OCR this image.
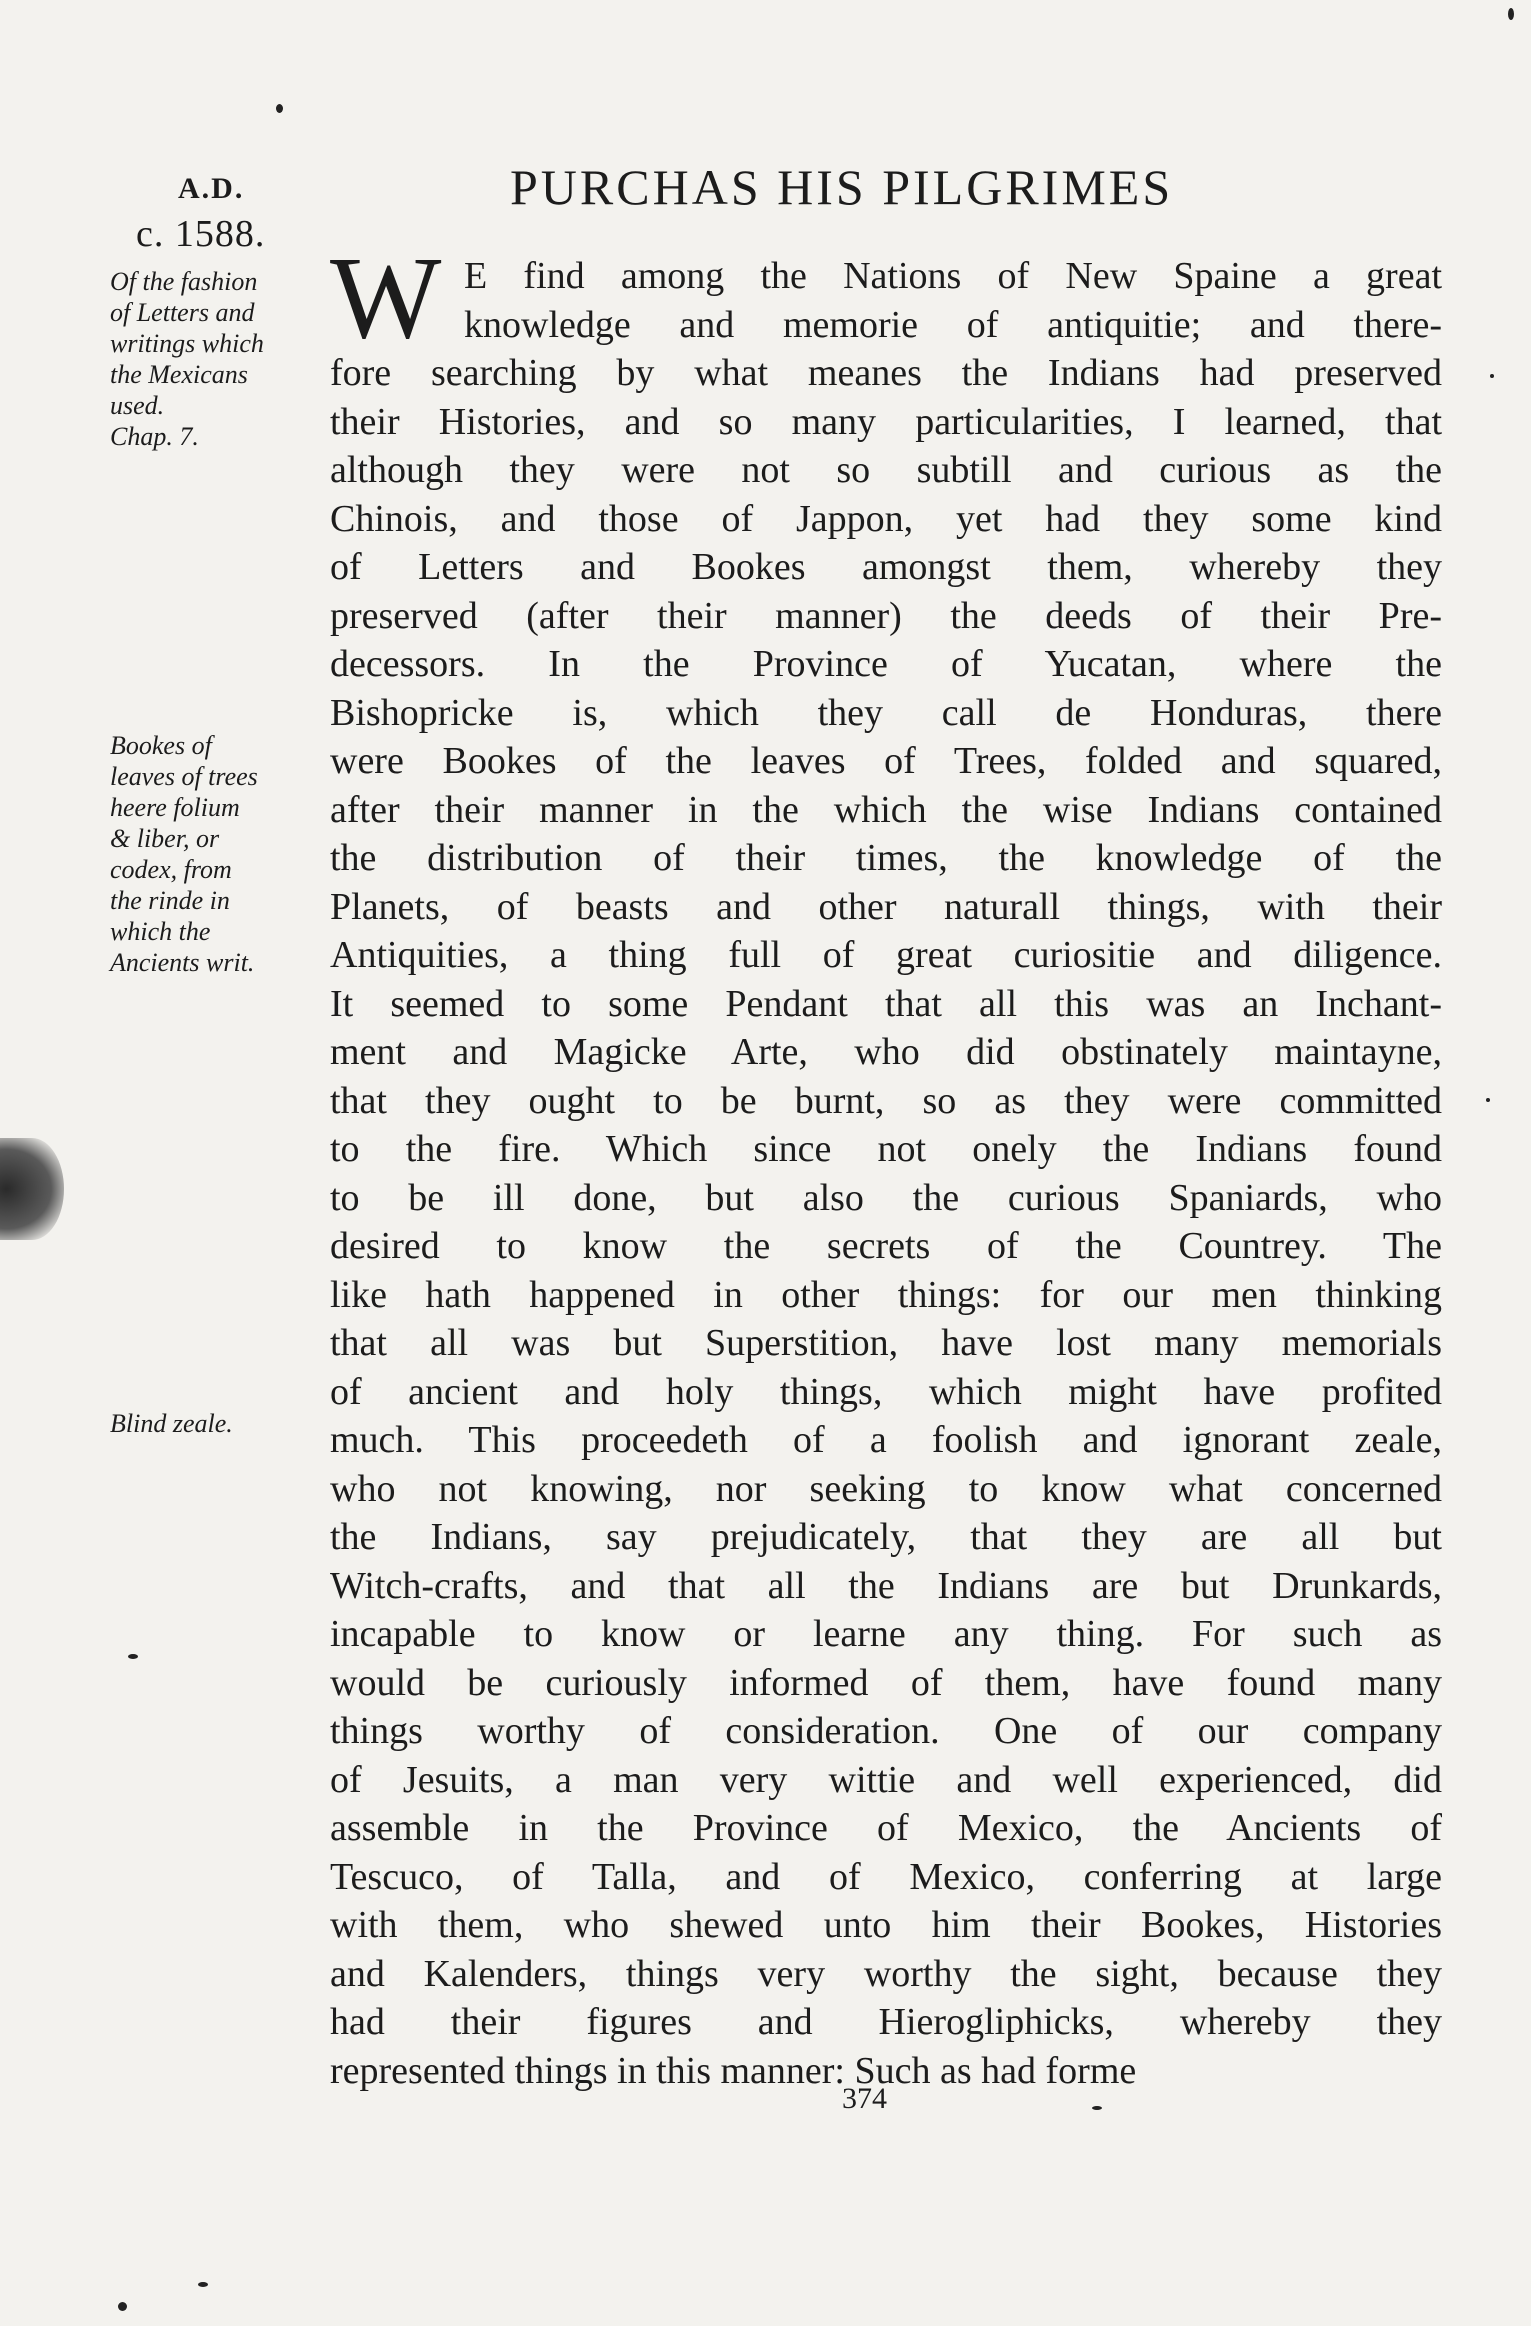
A.D.
c. 1588.
PURCHAS HIS PILGRIMES
Of the fashion
of Letters and
writings which
the Mexicans
used.
Chap. 7.
Bookes of
leaves of trees
heere folium
& liber, or
codex, from
the rinde in
which the
Ancients writ.
Blind zeale.
W E find among the Nations of New Spaine a great
knowledge and memorie of antiquitie; and there-
fore searching by what meanes the Indians had preserved
their Histories, and so many particularities, I learned, that
although they were not so subtill and curious as the
Chinois, and those of Jappon, yet had they some kind
of Letters and Bookes amongst them, whereby they
preserved (after their manner) the deeds of their Pre-
decessors. In the Province of Yucatan, where the
Bishopricke is, which they call de Honduras, there
were Bookes of the leaves of Trees, folded and squared,
after their manner in the which the wise Indians contained
the distribution of their times, the knowledge of the
Planets, of beasts and other naturall things, with their
Antiquities, a thing full of great curiositie and diligence.
It seemed to some Pendant that all this was an Inchant-
ment and Magicke Arte, who did obstinately maintayne,
that they ought to be burnt, so as they were committed
to the fire. Which since not onely the Indians found
to be ill done, but also the curious Spaniards, who
desired to know the secrets of the Countrey. The
like hath happened in other things: for our men thinking
that all was but Superstition, have lost many memorials
of ancient and holy things, which might have profited
much. This proceedeth of a foolish and ignorant zeale,
who not knowing, nor seeking to know what concerned
the Indians, say prejudicately, that they are all but
Witch-crafts, and that all the Indians are but Drunkards,
incapable to know or learne any thing. For such as
would be curiously informed of them, have found many
things worthy of consideration. One of our company
of Jesuits, a man very wittie and well experienced, did
assemble in the Province of Mexico, the Ancients of
Tescuco, of Talla, and of Mexico, conferring at large
with them, who shewed unto him their Bookes, Histories
and Kalenders, things very worthy the sight, because they
had their figures and Hierogliphicks, whereby they
represented things in this manner: Such as had forme
374
